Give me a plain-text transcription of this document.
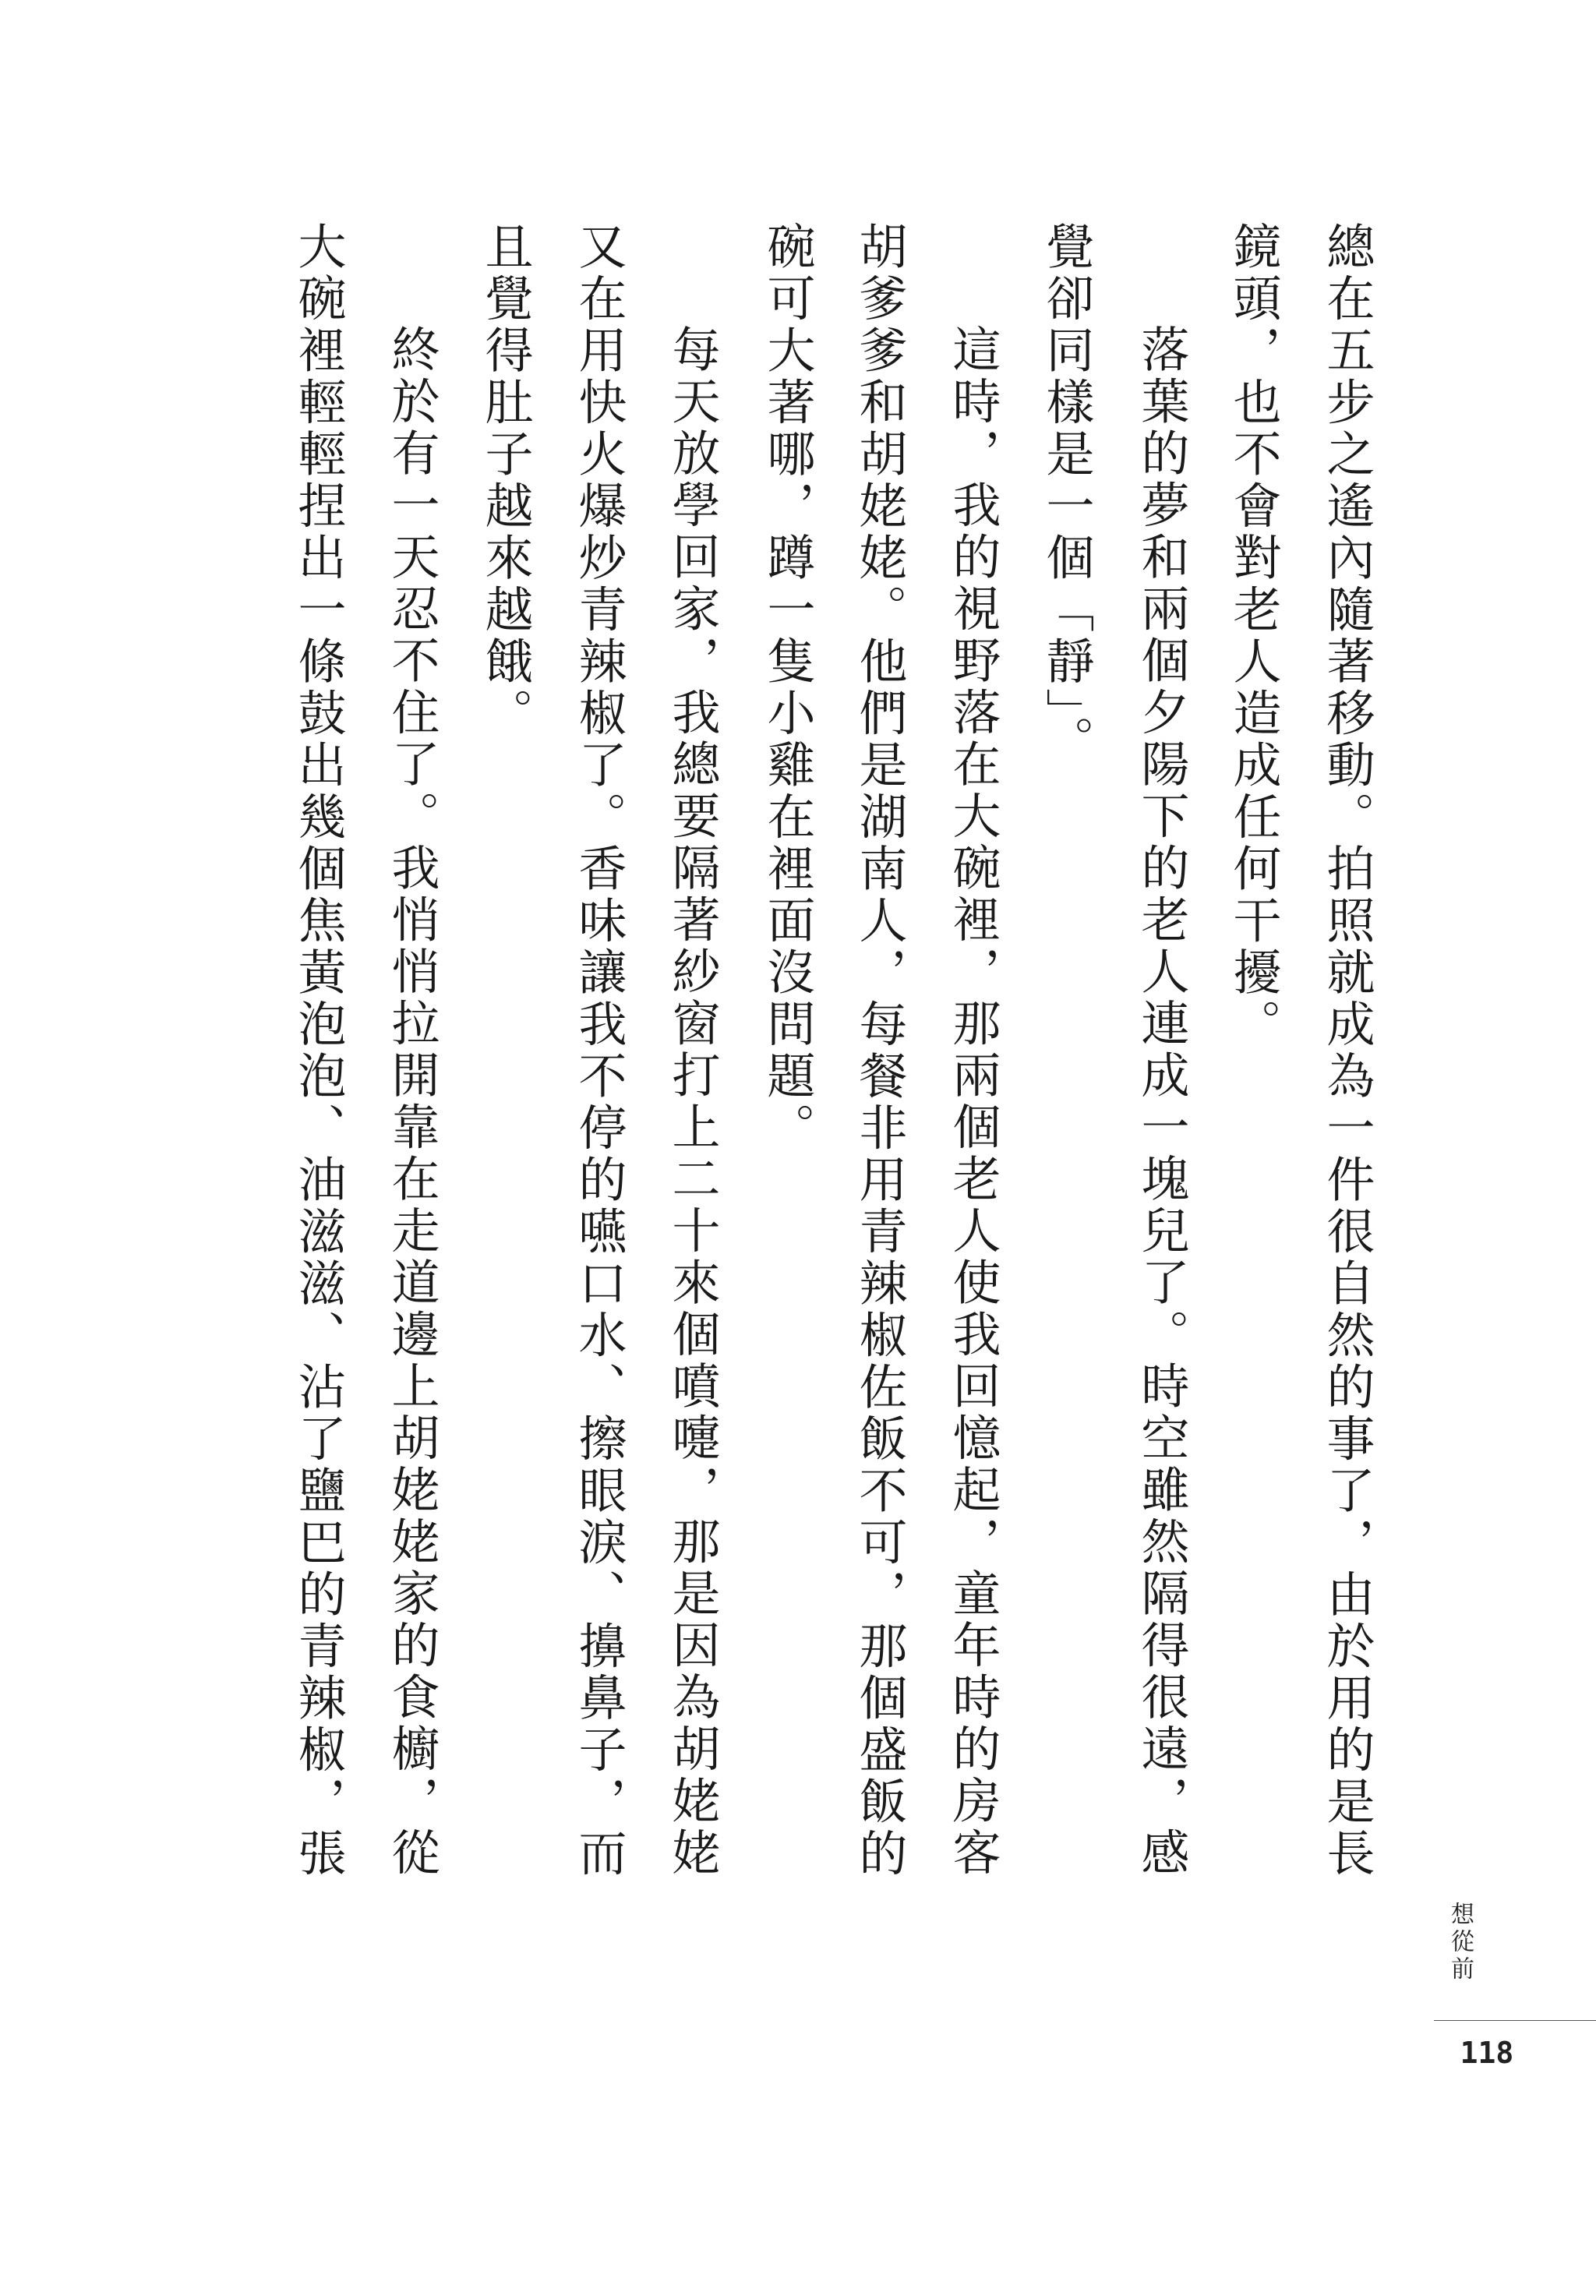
總在五步之遙內隨著移動。拍照就成為一件很自然的事了，由於用的是長
鏡頭，也不會對老人造成任何干擾。
落葉的夢和兩個夕陽下的老人連成一塊兒了。時空雖然隔得很遠，感
覺卻同樣是一個「靜」。
這時，我的視野落在大碗裡，那兩個老人使我回憶起，童年時的房客
胡爹爹和胡姥姥。他們是湖南人，每餐非用青辣椒佐飯不可，那個盛飯的
碗可大著哪，蹲一隻小雞在裡面沒問題。
每天放學回家，我總要隔著紗窗打上二十來個噴嚏，那是因為胡姥姥
又在用快火爆炒青辣椒了。香味讓我不停的嚥口水、擦眼淚、擤鼻子，而
且覺得肚子越來越餓。
終於有一天忍不住了。我悄悄拉開靠在走道邊上胡姥姥家的食櫥，從
大碗裡輕輕捏出一條鼓出幾個焦黃泡泡、油滋滋、沾了鹽巴的青辣椒，張
想從前
118
